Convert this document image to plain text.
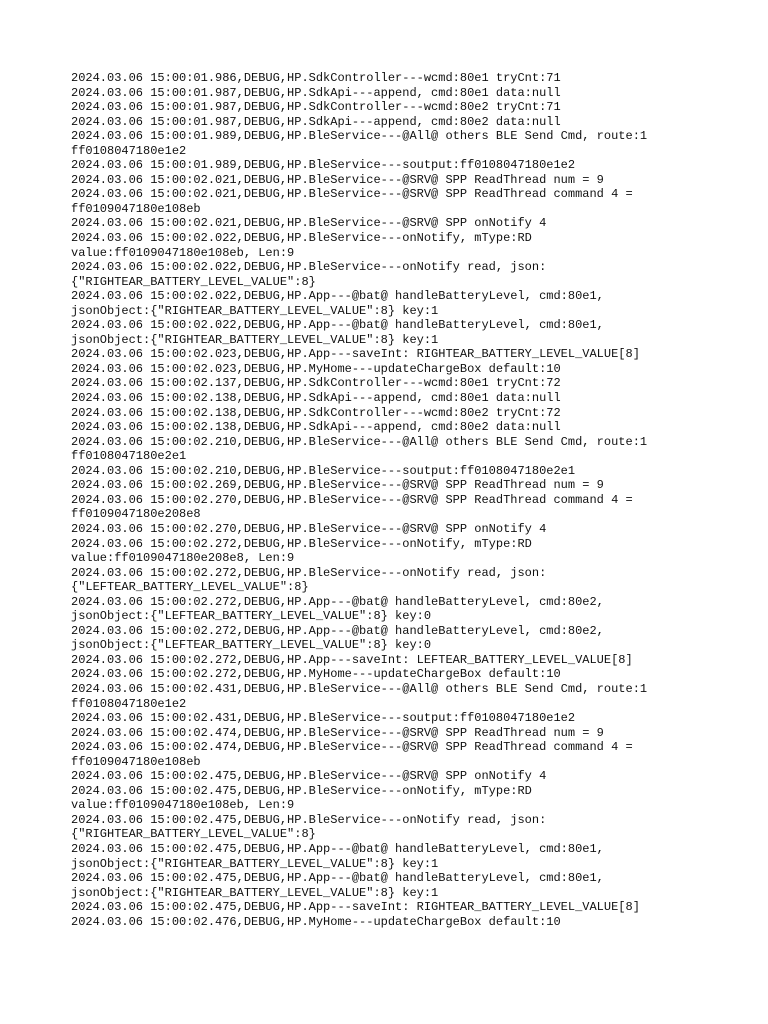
2024.03.06 15:00:01.986,DEBUG,HP.SdkController---wcmd:80e1 tryCnt:71
2024.03.06 15:00:01.987,DEBUG,HP.SdkApi---append, cmd:80e1 data:null
2024.03.06 15:00:01.987,DEBUG,HP.SdkController---wcmd:80e2 tryCnt:71
2024.03.06 15:00:01.987,DEBUG,HP.SdkApi---append, cmd:80e2 data:null
2024.03.06 15:00:01.989,DEBUG,HP.BleService---@All@ others BLE Send Cmd, route:1
ff0108047180e1e2
2024.03.06 15:00:01.989,DEBUG,HP.BleService---soutput:ff0108047180e1e2
2024.03.06 15:00:02.021,DEBUG,HP.BleService---@SRV@ SPP ReadThread num = 9
2024.03.06 15:00:02.021,DEBUG,HP.BleService---@SRV@ SPP ReadThread command 4 =
ff0109047180e108eb
2024.03.06 15:00:02.021,DEBUG,HP.BleService---@SRV@ SPP onNotify 4
2024.03.06 15:00:02.022,DEBUG,HP.BleService---onNotify, mType:RD
value:ff0109047180e108eb, Len:9
2024.03.06 15:00:02.022,DEBUG,HP.BleService---onNotify read, json:
{"RIGHTEAR_BATTERY_LEVEL_VALUE":8}
2024.03.06 15:00:02.022,DEBUG,HP.App---@bat@ handleBatteryLevel, cmd:80e1,
jsonObject:{"RIGHTEAR_BATTERY_LEVEL_VALUE":8} key:1
2024.03.06 15:00:02.022,DEBUG,HP.App---@bat@ handleBatteryLevel, cmd:80e1,
jsonObject:{"RIGHTEAR_BATTERY_LEVEL_VALUE":8} key:1
2024.03.06 15:00:02.023,DEBUG,HP.App---saveInt: RIGHTEAR_BATTERY_LEVEL_VALUE[8]
2024.03.06 15:00:02.023,DEBUG,HP.MyHome---updateChargeBox default:10
2024.03.06 15:00:02.137,DEBUG,HP.SdkController---wcmd:80e1 tryCnt:72
2024.03.06 15:00:02.138,DEBUG,HP.SdkApi---append, cmd:80e1 data:null
2024.03.06 15:00:02.138,DEBUG,HP.SdkController---wcmd:80e2 tryCnt:72
2024.03.06 15:00:02.138,DEBUG,HP.SdkApi---append, cmd:80e2 data:null
2024.03.06 15:00:02.210,DEBUG,HP.BleService---@All@ others BLE Send Cmd, route:1
ff0108047180e2e1
2024.03.06 15:00:02.210,DEBUG,HP.BleService---soutput:ff0108047180e2e1
2024.03.06 15:00:02.269,DEBUG,HP.BleService---@SRV@ SPP ReadThread num = 9
2024.03.06 15:00:02.270,DEBUG,HP.BleService---@SRV@ SPP ReadThread command 4 =
ff0109047180e208e8
2024.03.06 15:00:02.270,DEBUG,HP.BleService---@SRV@ SPP onNotify 4
2024.03.06 15:00:02.272,DEBUG,HP.BleService---onNotify, mType:RD
value:ff0109047180e208e8, Len:9
2024.03.06 15:00:02.272,DEBUG,HP.BleService---onNotify read, json:
{"LEFTEAR_BATTERY_LEVEL_VALUE":8}
2024.03.06 15:00:02.272,DEBUG,HP.App---@bat@ handleBatteryLevel, cmd:80e2,
jsonObject:{"LEFTEAR_BATTERY_LEVEL_VALUE":8} key:0
2024.03.06 15:00:02.272,DEBUG,HP.App---@bat@ handleBatteryLevel, cmd:80e2,
jsonObject:{"LEFTEAR_BATTERY_LEVEL_VALUE":8} key:0
2024.03.06 15:00:02.272,DEBUG,HP.App---saveInt: LEFTEAR_BATTERY_LEVEL_VALUE[8]
2024.03.06 15:00:02.272,DEBUG,HP.MyHome---updateChargeBox default:10
2024.03.06 15:00:02.431,DEBUG,HP.BleService---@All@ others BLE Send Cmd, route:1
ff0108047180e1e2
2024.03.06 15:00:02.431,DEBUG,HP.BleService---soutput:ff0108047180e1e2
2024.03.06 15:00:02.474,DEBUG,HP.BleService---@SRV@ SPP ReadThread num = 9
2024.03.06 15:00:02.474,DEBUG,HP.BleService---@SRV@ SPP ReadThread command 4 =
ff0109047180e108eb
2024.03.06 15:00:02.475,DEBUG,HP.BleService---@SRV@ SPP onNotify 4
2024.03.06 15:00:02.475,DEBUG,HP.BleService---onNotify, mType:RD
value:ff0109047180e108eb, Len:9
2024.03.06 15:00:02.475,DEBUG,HP.BleService---onNotify read, json:
{"RIGHTEAR_BATTERY_LEVEL_VALUE":8}
2024.03.06 15:00:02.475,DEBUG,HP.App---@bat@ handleBatteryLevel, cmd:80e1,
jsonObject:{"RIGHTEAR_BATTERY_LEVEL_VALUE":8} key:1
2024.03.06 15:00:02.475,DEBUG,HP.App---@bat@ handleBatteryLevel, cmd:80e1,
jsonObject:{"RIGHTEAR_BATTERY_LEVEL_VALUE":8} key:1
2024.03.06 15:00:02.475,DEBUG,HP.App---saveInt: RIGHTEAR_BATTERY_LEVEL_VALUE[8]
2024.03.06 15:00:02.476,DEBUG,HP.MyHome---updateChargeBox default:10
